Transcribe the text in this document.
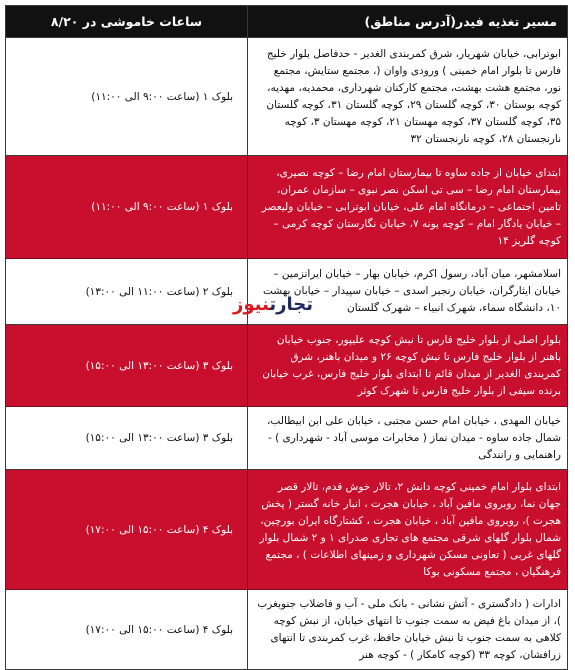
مسیر تغذیه فیدر(آدرس مناطق)	ساعات خاموشی در ۸/۲۰
ابوترابی، خیابان شهریار، شرق کمربندی الغدیر - حدفاصل بلوار خلیج فارس تا بلوار امام خمینی ) ورودی واوان (، مجتمع ستایش، مجتمع نور، مجتمع هشت بهشت، مجتمع کارکنان شهرداری، محمدیه، مهدیه، کوچه بوستان ۳۰، کوچه گلستان ۲۹، کوچه گلستان ۳۱، کوچه گلستان ۳۵، کوچه گلستان ۳۷، کوچه مهستان ۲۱، کوچه مهستان ۳، کوچه نارنجستان ۲۸، کوچه نارنجستان ۳۲	بلوک ۱ (ساعت ۹:۰۰ الی ۱۱:۰۰)
ابتدای خیابان از جاده ساوه تا بیمارستان امام رضا – کوچه نصیری، بیمارستان امام رضا – سی تی اسکن نصر نبوی – سازمان عمران، تامین اجتماعی – درمانگاه امام علی، خیابان ابوترابی – خیابان ولیعصر – خیابان یادگار امام – کوچه یونه ۷، خیابان نگارستان کوچه کرمی – کوچه گلریز ۱۴	بلوک ۱ (ساعت ۹:۰۰ الی ۱۱:۰۰)
اسلامشهر، میان آباد، رسول اکرم، خیابان بهار – خیابان ایرانزمین – خیابان ایثارگران، خیابان رنجبر اسدی – خیابان سپیدار – خیابان بهشت ۱۰، دانشگاه سماء، شهرک انبیاء – شهرک گلستان	بلوک ۲ (ساعت ۱۱:۰۰ الی ۱۳:۰۰)
بلوار اصلی از بلوار خلیج فارس تا نبش کوچه علیپور، جنوب خیابان باهنر از بلوار خلیج فارس تا نبش کوچه ۲۶ و میدان باهنر، شرق کمربندی الغدیر از میدان قائم تا ابتدای بلوار خلیج فارس، غرب خیابان برنده سیفی از بلوار خلیج فارس تا شهرک کوثر	بلوک ۳ (ساعت ۱۳:۰۰ الی ۱۵:۰۰)
خیابان المهدی ، خیابان امام حسن مجتبی ، خیابان علی ابن ابیطالب، شمال جاده ساوه - میدان نماز ( مخابرات موسی آباد - شهرداری ) - راهنمایی و رانندگی	بلوک ۳ (ساعت ۱۳:۰۰ الی ۱۵:۰۰)
ابتدای بلوار امام خمینی کوچه دانش ۲، تالار خوش قدم، تالار قصر جهان نما، روبروی مافین آباد ، خیابان هجرت ، انبار خانه گستر ( پخش هجرت )، روبروی مافین آباد ، خیابان هجرت ، کشتارگاه ایران بورچین، شمال بلوار گلهای شرقی مجتمع های تجاری صدرای ۱ و ۲ شمال بلوار گلهای غربی ( تعاونی مسکن شهرداری و زمینهای اطلاعات ) ، مجتمع فرهنگیان ، مجتمع مسکونی بوکا	بلوک ۴ (ساعت ۱۵:۰۰ الی ۱۷:۰۰)
ادارات ( دادگستری - آتش نشانی - بانک ملی - آب و فاضلاب جنوبغرب )، از میدان باغ فیض به سمت جنوب تا انتهای خیابان، از نبش کوچه کلاهی به سمت جنوب تا نبش خیابان حافظ، غرب کمربندی تا انتهای زرافشان، کوچه ۳۳ (کوچه کامکار ) - کوچه هنر	بلوک ۴ (ساعت ۱۵:۰۰ الی ۱۷:۰۰)
تجارتنیوز
